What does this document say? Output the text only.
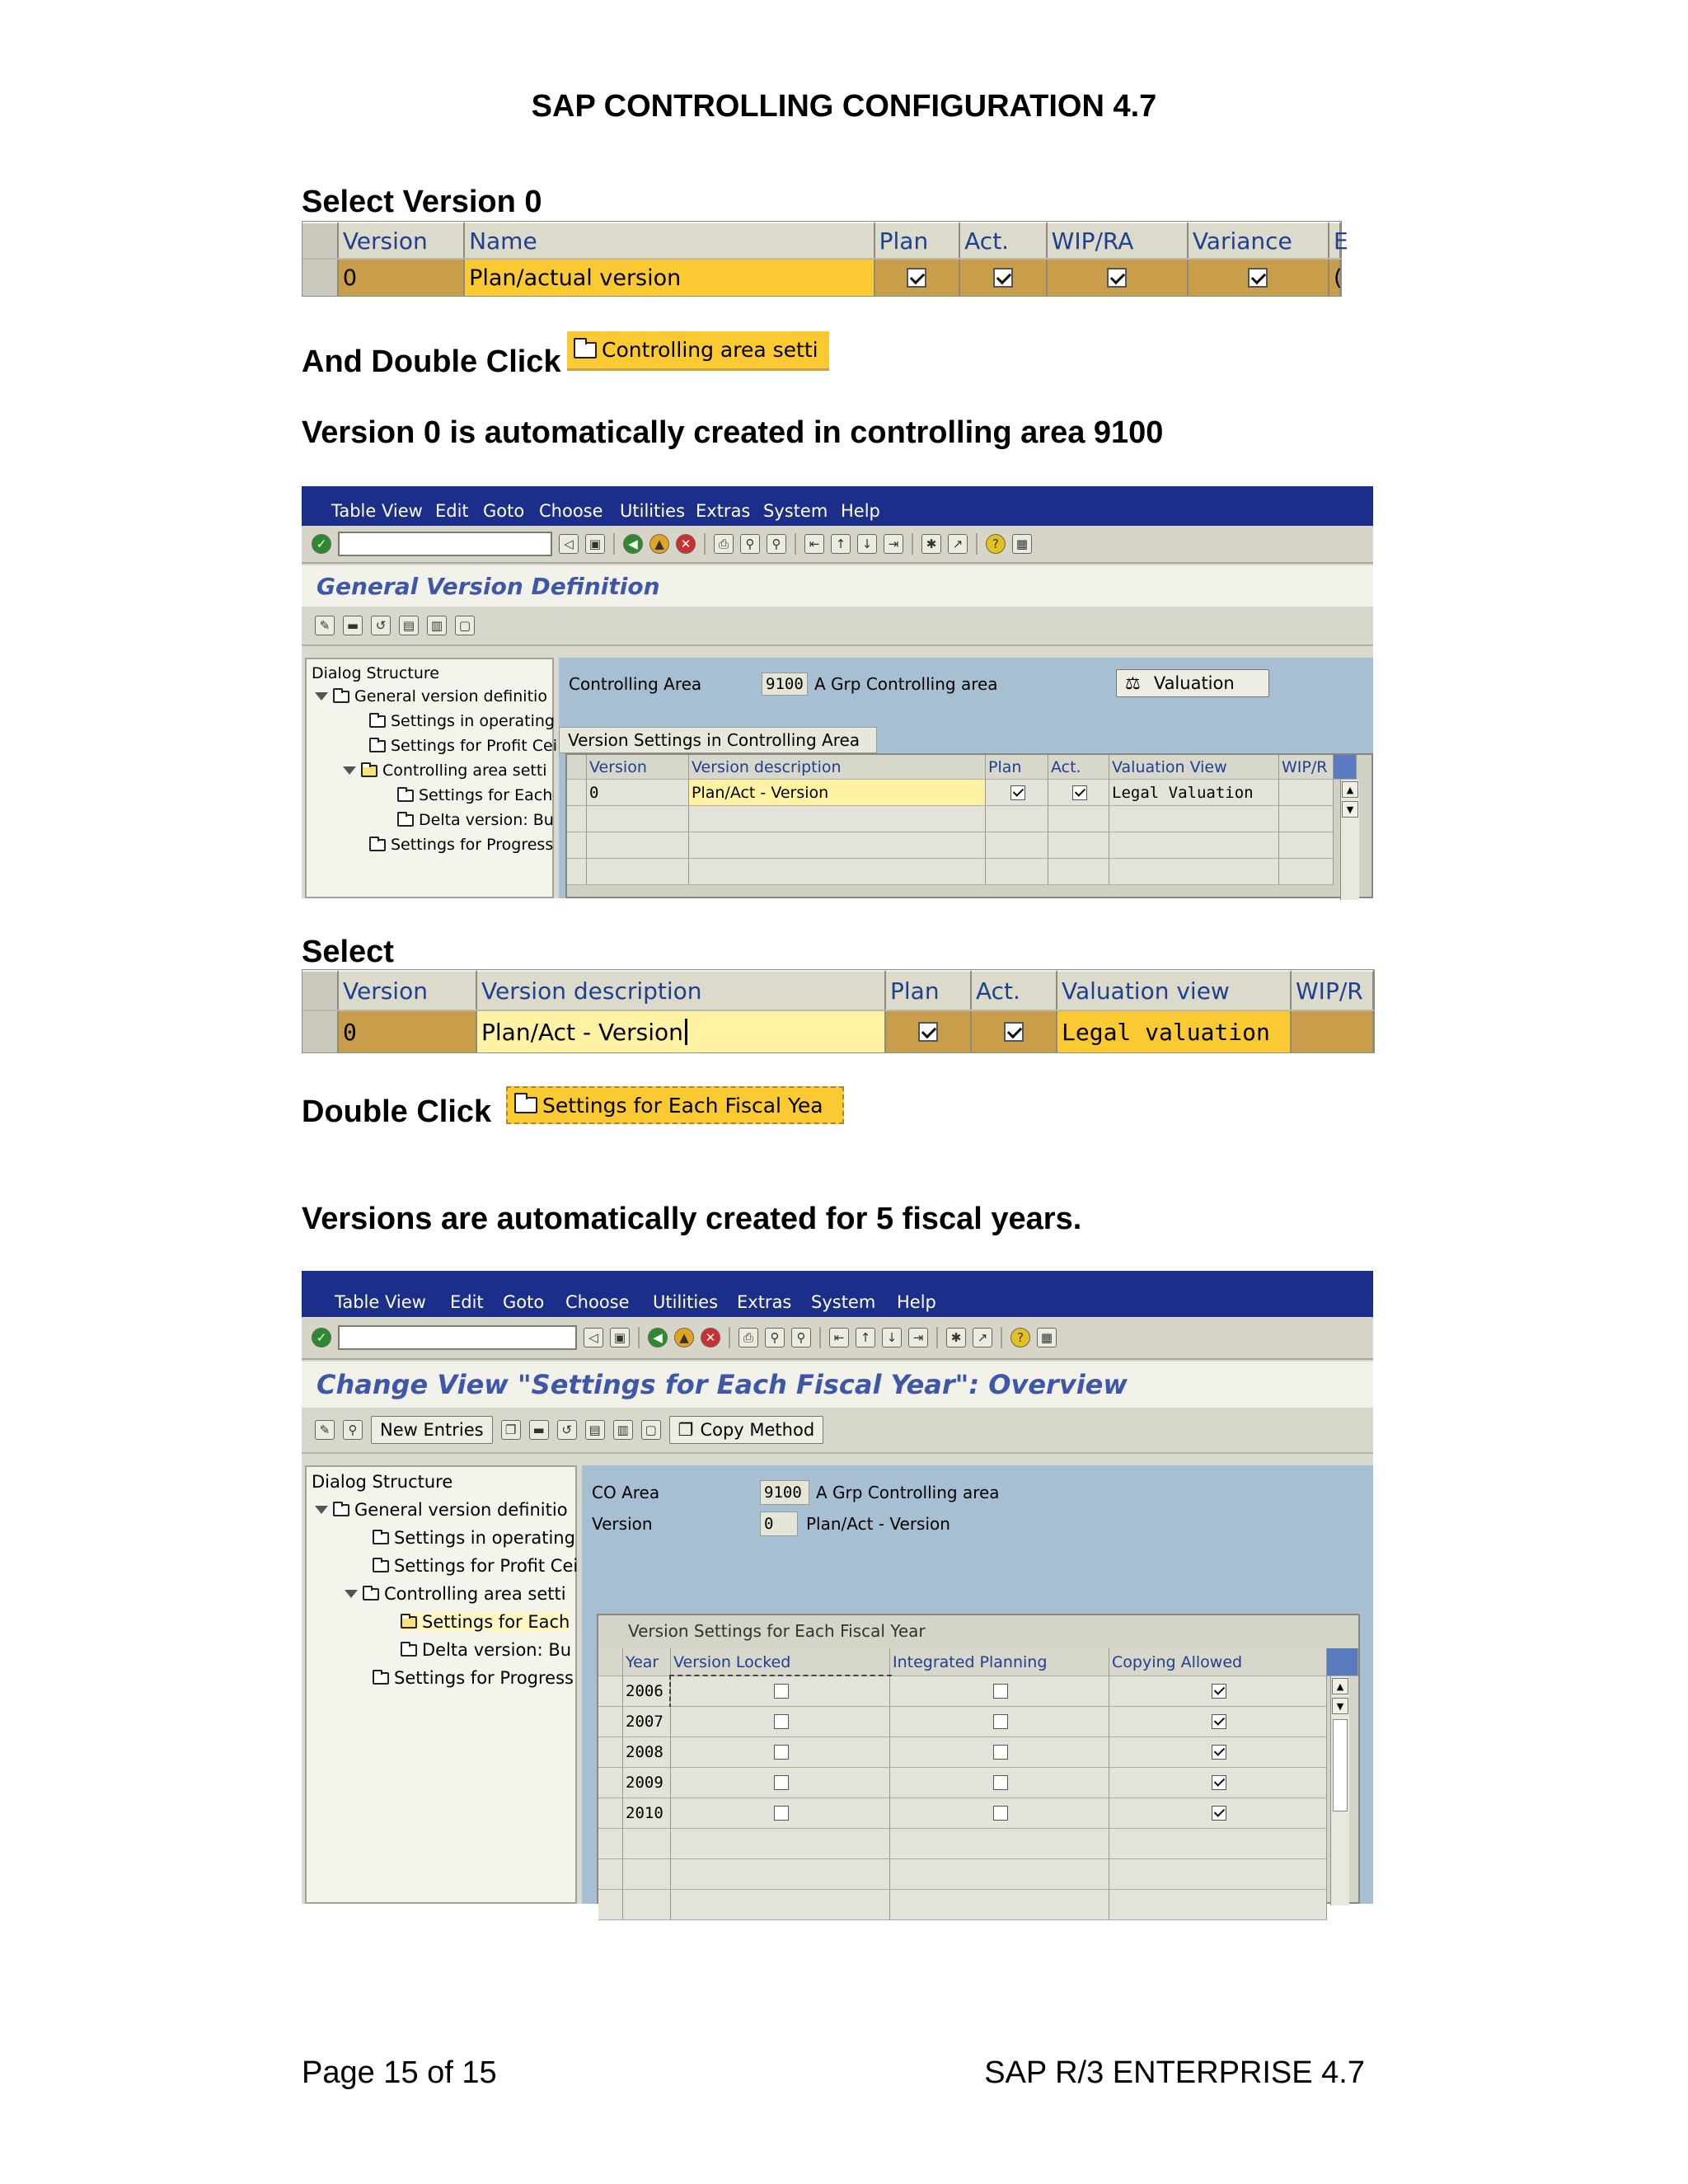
SAP CONTROLLING CONFIGURATION 4.7
Select Version 0
Version	Name	Plan	Act.	WIP/RA	Variance	E
0	Plan/actual version	(
And Double Click Controlling area setti
Version 0 is automatically created in controlling area 9100
Table View Edit Goto Choose Utilities Extras System Help
✓	◁	▣	◀	▲	✕	⎙	⚲	⚲	⇤	↑	↓	⇥	✱	↗	?	▦
General Version Definition
✎	▬	↺	▤	▥	▢
Dialog Structure
General version definitio
Settings in operating
Settings for Profit Cei
Controlling area setti
Settings for Each
Delta version: Bu
Settings for Progress
Controlling Area	9100 A Grp Controlling area	⚖ Valuation
Version Settings in Controlling Area
Version	Version description	Plan	Act.	Valuation View	WIP/R
0	Plan/Act - Version	Legal Valuation	▲
▼
Select
Version	Version description	Plan	Act.	Valuation view	WIP/R
0	Plan/Act - Version	Legal valuation
Double Click Settings for Each Fiscal Yea
Versions are automatically created for 5 fiscal years.
Table View Edit Goto Choose Utilities Extras System Help
✓	◁	▣	◀	▲	✕	⎙	⚲	⚲	⇤	↑	↓	⇥	✱	↗	?	▦
Change View "Settings for Each Fiscal Year": Overview
✎	⚲	New Entries	❐	▬	↺	▤	▥	▢ ❐ Copy Method
Dialog Structure
General version definitio
Settings in operating
Settings for Profit Cei
Controlling area setti
Settings for Each
Delta version: Bu
Settings for Progress
CO Area	9100 A Grp Controlling area
Version	0	Plan/Act - Version
Version Settings for Each Fiscal Year
Year Version Locked	Integrated Planning	Copying Allowed
2006
2007
2008
2009
2010
▲
▼
Page 15 of 15	SAP R/3 ENTERPRISE 4.7
